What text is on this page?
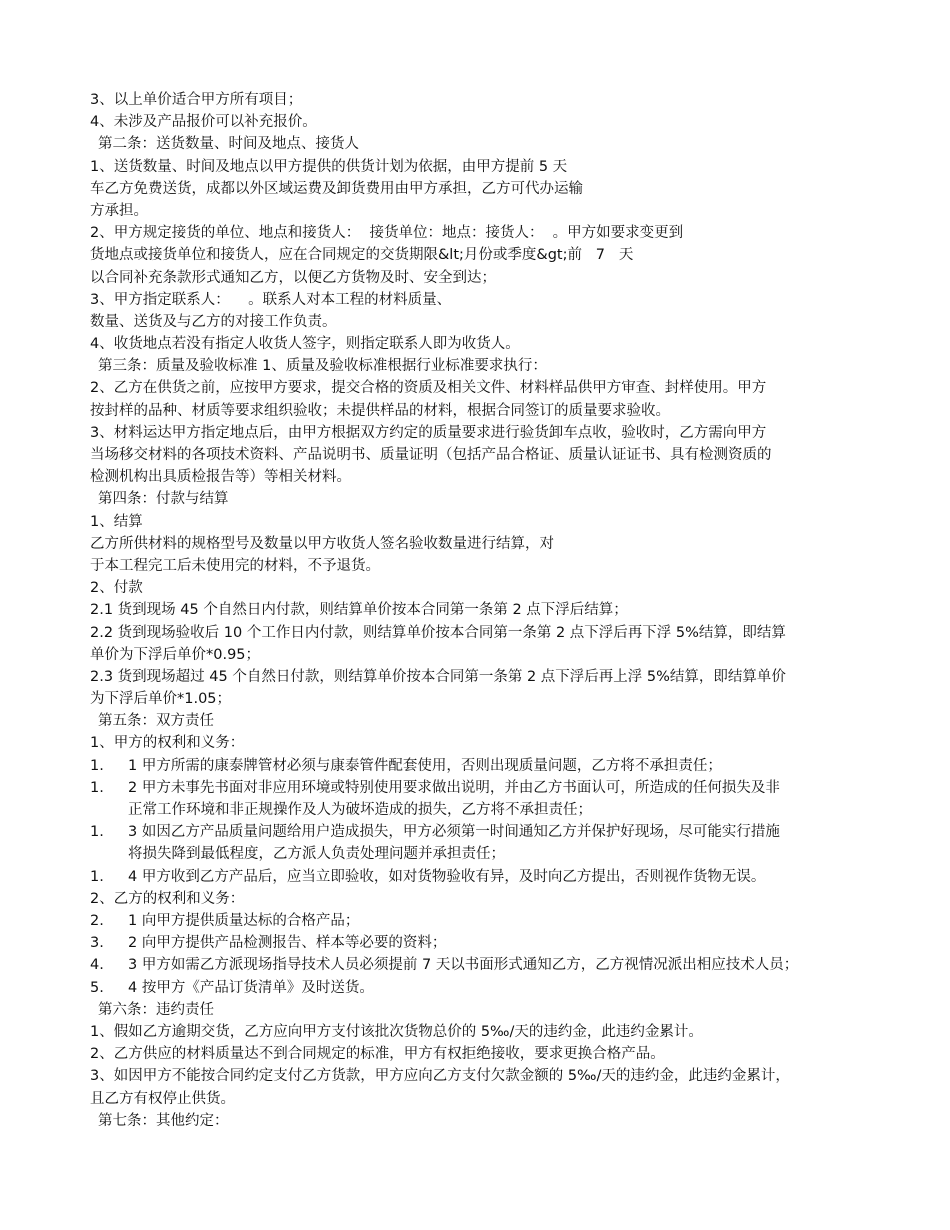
3、以上单价适合甲方所有项目；
4、未涉及产品报价可以补充报价。
第二条：送货数量、时间及地点、接货人
1、送货数量、时间及地点以甲方提供的供货计划为依据，由甲方提前 5 天
车乙方免费送货，成都以外区域运费及卸货费用由甲方承担，乙方可代办运输
方承担。
2、甲方规定接货的单位、地点和接货人：  接货单位：地点：接货人：  。甲方如要求变更到
货地点或接货单位和接货人，应在合同规定的交货期限&lt;月份或季度&gt;前   7   天
以合同补充条款形式通知乙方，以便乙方货物及时、安全到达；
3、甲方指定联系人：    。联系人对本工程的材料质量、
数量、送货及与乙方的对接工作负责。
4、收货地点若没有指定人收货人签字，则指定联系人即为收货人。
第三条：质量及验收标准 1、质量及验收标准根据行业标准要求执行：
2、乙方在供货之前，应按甲方要求，提交合格的资质及相关文件、材料样品供甲方审查、封样使用。甲方
按封样的品种、材质等要求组织验收；未提供样品的材料，根据合同签订的质量要求验收。
3、材料运达甲方指定地点后，由甲方根据双方约定的质量要求进行验货卸车点收，验收时，乙方需向甲方
当场移交材料的各项技术资料、产品说明书、质量证明（包括产品合格证、质量认证证书、具有检测资质的
检测机构出具质检报告等）等相关材料。
第四条：付款与结算
1、结算
乙方所供材料的规格型号及数量以甲方收货人签名验收数量进行结算，对
于本工程完工后未使用完的材料，不予退货。
2、付款
2.1 货到现场 45 个自然日内付款，则结算单价按本合同第一条第 2 点下浮后结算；
2.2 货到现场验收后 10 个工作日内付款，则结算单价按本合同第一条第 2 点下浮后再下浮 5%结算，即结算
单价为下浮后单价*0.95；
2.3 货到现场超过 45 个自然日付款，则结算单价按本合同第一条第 2 点下浮后再上浮 5%结算，即结算单价
为下浮后单价*1.05；
第五条：双方责任
1、甲方的权利和义务：
1.	1 甲方所需的康泰牌管材必须与康泰管件配套使用，否则出现质量问题，乙方将不承担责任；
1.	2 甲方未事先书面对非应用环境或特别使用要求做出说明，并由乙方书面认可，所造成的任何损失及非
正常工作环境和非正规操作及人为破坏造成的损失，乙方将不承担责任；
1.	3 如因乙方产品质量问题给用户造成损失，甲方必须第一时间通知乙方并保护好现场，尽可能实行措施
将损失降到最低程度，乙方派人负责处理问题并承担责任；
1.	4 甲方收到乙方产品后，应当立即验收，如对货物验收有异，及时向乙方提出，否则视作货物无误。
2、乙方的权利和义务：
2.	1 向甲方提供质量达标的合格产品；
3.	2 向甲方提供产品检测报告、样本等必要的资料；
4.	3 甲方如需乙方派现场指导技术人员必须提前 7 天以书面形式通知乙方，乙方视情况派出相应技术人员；
5.	4 按甲方《产品订货清单》及时送货。
第六条：违约责任
1、假如乙方逾期交货，乙方应向甲方支付该批次货物总价的 5‰/天的违约金，此违约金累计。
2、乙方供应的材料质量达不到合同规定的标准，甲方有权拒绝接收，要求更换合格产品。
3、如因甲方不能按合同约定支付乙方货款，甲方应向乙方支付欠款金额的 5‰/天的违约金，此违约金累计，
且乙方有权停止供货。
第七条：其他约定：
